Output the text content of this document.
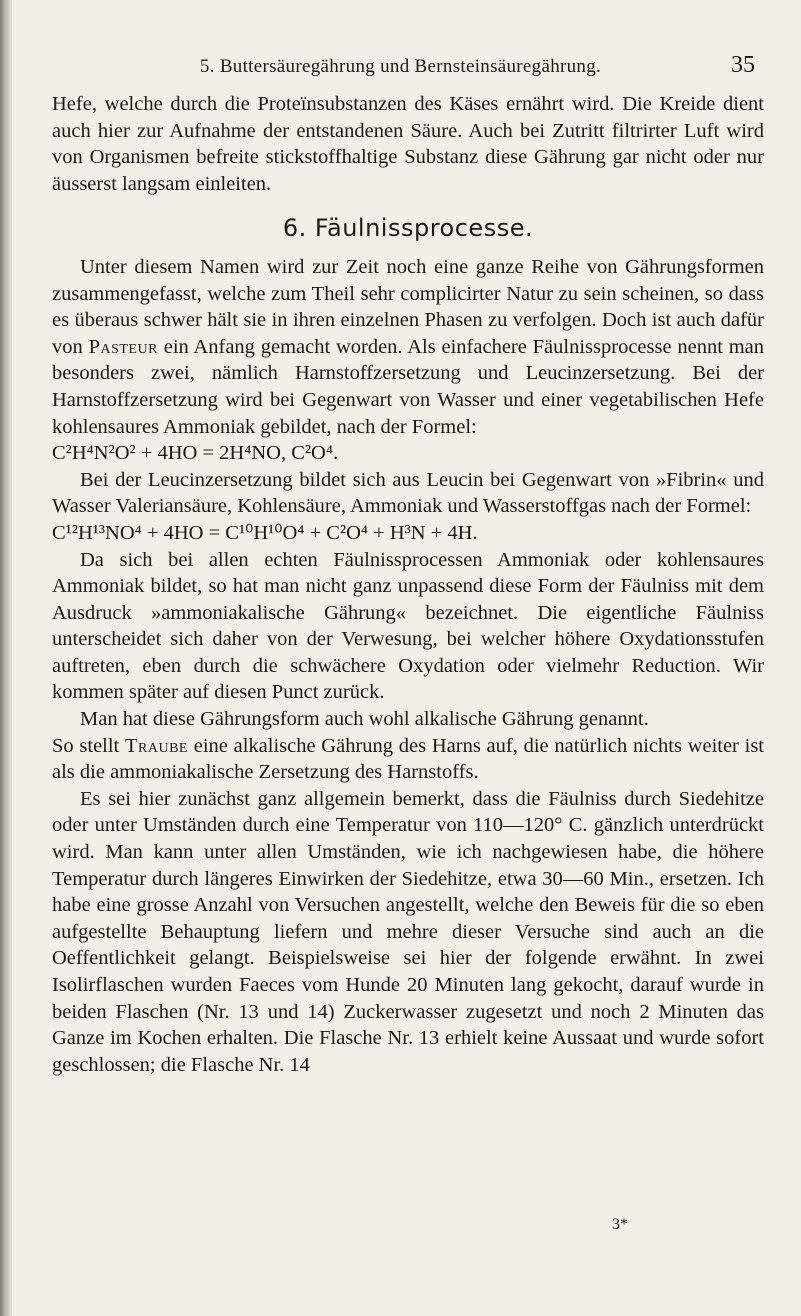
5. Buttersäuregährung und Bernsteinsäuregährung.	35

Hefe, welche durch die Proteïnsubstanzen des Käses ernährt wird. Die Kreide dient auch hier zur Aufnahme der entstandenen Säure. Auch bei Zutritt filtrirter Luft wird von Organismen befreite stickstoffhaltige Substanz diese Gährung gar nicht oder nur äusserst langsam einleiten.

6. Fäulnissprocesse.

Unter diesem Namen wird zur Zeit noch eine ganze Reihe von Gährungsformen zusammengefasst, welche zum Theil sehr complicirter Natur zu sein scheinen, so dass es überaus schwer hält sie in ihren einzelnen Phasen zu verfolgen. Doch ist auch dafür von Pasteur ein Anfang gemacht worden. Als einfachere Fäulnissprocesse nennt man besonders zwei, nämlich Harnstoffzersetzung und Leucinzersetzung. Bei der Harnstoffzersetzung wird bei Gegenwart von Wasser und einer vegetabilischen Hefe kohlensaures Ammoniak gebildet, nach der Formel:

C²H⁴N²O² + 4HO = 2H⁴NO, C²O⁴.

Bei der Leucinzersetzung bildet sich aus Leucin bei Gegenwart von »Fibrin« und Wasser Valeriansäure, Kohlensäure, Ammoniak und Wasserstoffgas nach der Formel:

C¹²H¹³NO⁴ + 4HO = C¹⁰H¹⁰O⁴ + C²O⁴ + H³N + 4H.

Da sich bei allen echten Fäulnissprocessen Ammoniak oder kohlensaures Ammoniak bildet, so hat man nicht ganz unpassend diese Form der Fäulniss mit dem Ausdruck »ammoniakalische Gährung« bezeichnet. Die eigentliche Fäulniss unterscheidet sich daher von der Verwesung, bei welcher höhere Oxydationsstufen auftreten, eben durch die schwächere Oxydation oder vielmehr Reduction. Wir kommen später auf diesen Punct zurück.

Man hat diese Gährungsform auch wohl alkalische Gährung genannt.

So stellt Traube eine alkalische Gährung des Harns auf, die natürlich nichts weiter ist als die ammoniakalische Zersetzung des Harnstoffs.

Es sei hier zunächst ganz allgemein bemerkt, dass die Fäulniss durch Siedehitze oder unter Umständen durch eine Temperatur von 110—120° C. gänzlich unterdrückt wird. Man kann unter allen Umständen, wie ich nachgewiesen habe, die höhere Temperatur durch längeres Einwirken der Siedehitze, etwa 30—60 Min., ersetzen. Ich habe eine grosse Anzahl von Versuchen angestellt, welche den Beweis für die so eben aufgestellte Behauptung liefern und mehre dieser Versuche sind auch an die Oeffentlichkeit gelangt. Beispielsweise sei hier der folgende erwähnt. In zwei Isolirflaschen wurden Faeces vom Hunde 20 Minuten lang gekocht, darauf wurde in beiden Flaschen (Nr. 13 und 14) Zuckerwasser zugesetzt und noch 2 Minuten das Ganze im Kochen erhalten. Die Flasche Nr. 13 erhielt keine Aussaat und wurde sofort geschlossen; die Flasche Nr. 14

3*
